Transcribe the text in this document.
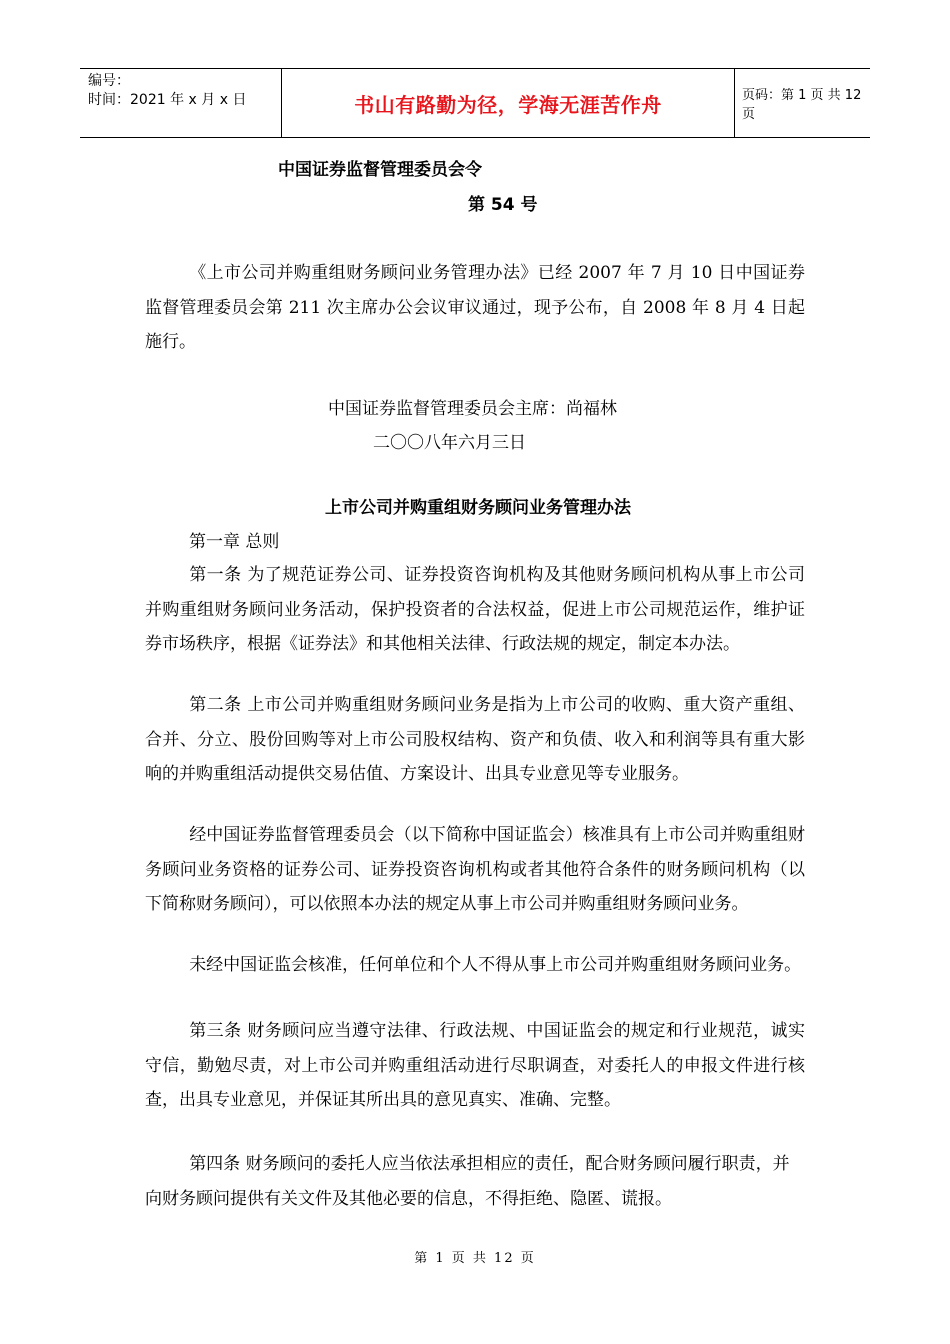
编号：
时间：2021 年 x 月 x 日	书山有路勤为径，学海无涯苦作舟	页码：第 1 页 共 12 页
中国证券监督管理委员会令
第 54 号

《上市公司并购重组财务顾问业务管理办法》已经 2007 年 7 月 10 日中国证券监督管理委员会第 211 次主席办公会议审议通过，现予公布，自 2008 年 8 月 4 日起施行。

中国证券监督管理委员会主席：尚福林
二〇〇八年六月三日
上市公司并购重组财务顾问业务管理办法
第一章 总则

第一条 为了规范证券公司、证券投资咨询机构及其他财务顾问机构从事上市公司并购重组财务顾问业务活动，保护投资者的合法权益，促进上市公司规范运作，维护证券市场秩序，根据《证券法》和其他相关法律、行政法规的规定，制定本办法。

第二条 上市公司并购重组财务顾问业务是指为上市公司的收购、重大资产重组、合并、分立、股份回购等对上市公司股权结构、资产和负债、收入和利润等具有重大影响的并购重组活动提供交易估值、方案设计、出具专业意见等专业服务。

经中国证券监督管理委员会（以下简称中国证监会）核准具有上市公司并购重组财务顾问业务资格的证券公司、证券投资咨询机构或者其他符合条件的财务顾问机构（以下简称财务顾问），可以依照本办法的规定从事上市公司并购重组财务顾问业务。

未经中国证监会核准，任何单位和个人不得从事上市公司并购重组财务顾问业务。

第三条 财务顾问应当遵守法律、行政法规、中国证监会的规定和行业规范，诚实守信，勤勉尽责，对上市公司并购重组活动进行尽职调查，对委托人的申报文件进行核查，出具专业意见，并保证其所出具的意见真实、准确、完整。

第四条 财务顾问的委托人应当依法承担相应的责任，配合财务顾问履行职责，并向财务顾问提供有关文件及其他必要的信息，不得拒绝、隐匿、谎报。

第 1 页 共 12 页
